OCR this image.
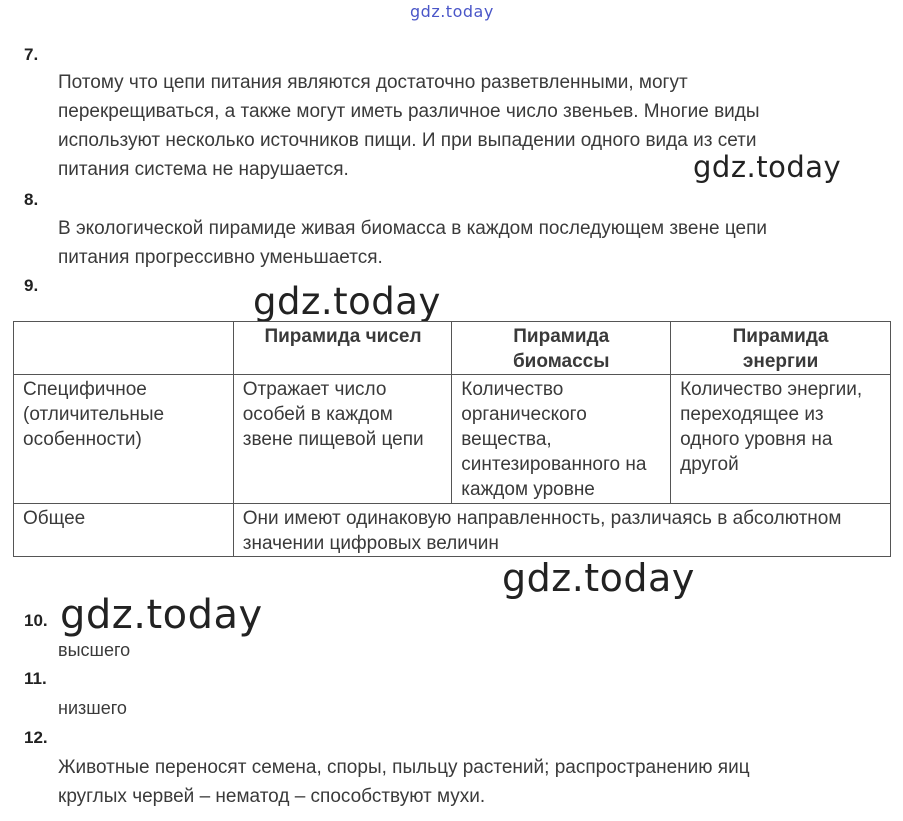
gdz.today
gdz.today
gdz.today
gdz.today
gdz.today
7.
Потому что цепи питания являются достаточно разветвленными, могут
перекрещиваться, а также могут иметь различное число звеньев. Многие виды
используют несколько источников пищи. И при выпадении одного вида из сети
питания система не нарушается.
8.
В экологической пирамиде живая биомасса в каждом последующем звене цепи
питания прогрессивно уменьшается.
9.
	Пирамида чисел	Пирамида биомассы	Пирамида энергии
Специфичное (отличительные особенности)	Отражает число особей в каждом звене пищевой цепи	Количество органического вещества, синтезированного на каждом уровне	Количество энергии, переходящее из одного уровня на другой
Общее	Они имеют одинаковую направленность, различаясь в абсолютном значении цифровых величин		
10.
высшего
11.
низшего
12.
Животные переносят семена, споры, пыльцу растений; распространению яиц
круглых червей – нематод – способствуют мухи.
